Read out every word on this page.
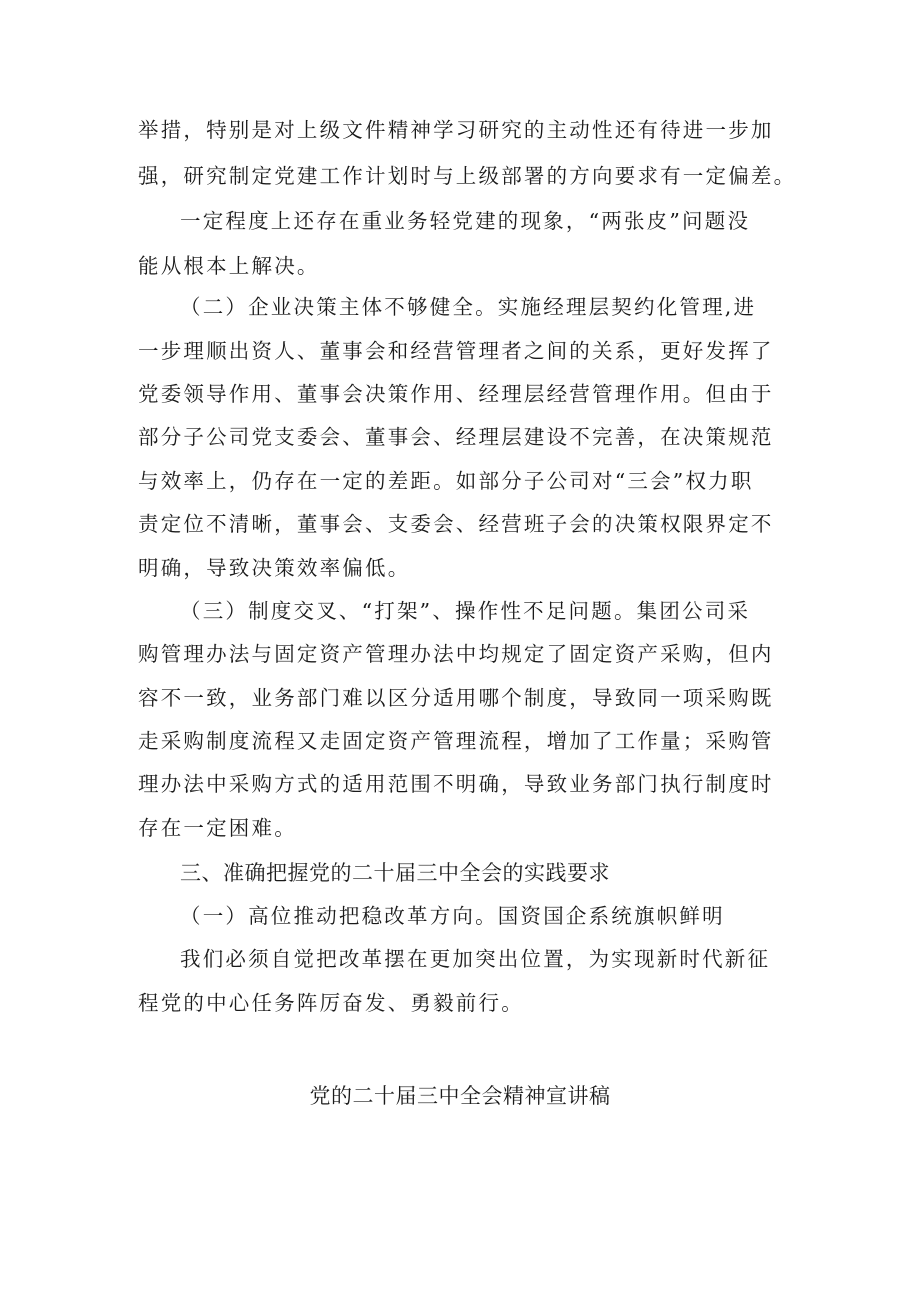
举措，特别是对上级文件精神学习研究的主动性还有待进一步加
强，研究制定党建工作计划时与上级部署的方向要求有一定偏差。
一定程度上还存在重业务轻党建的现象，“两张皮”问题没
能从根本上解决。
（二）企业决策主体不够健全。实施经理层契约化管理,进
一步理顺出资人、董事会和经营管理者之间的关系，更好发挥了
党委领导作用、董事会决策作用、经理层经营管理作用。但由于
部分子公司党支委会、董事会、经理层建设不完善，在决策规范
与效率上，仍存在一定的差距。如部分子公司对“三会”权力职
责定位不清晰，董事会、支委会、经营班子会的决策权限界定不
明确，导致决策效率偏低。
（三）制度交叉、“打架”、操作性不足问题。集团公司采
购管理办法与固定资产管理办法中均规定了固定资产采购，但内
容不一致，业务部门难以区分适用哪个制度，导致同一项采购既
走采购制度流程又走固定资产管理流程，增加了工作量；采购管
理办法中采购方式的适用范围不明确，导致业务部门执行制度时
存在一定困难。
三、准确把握党的二十届三中全会的实践要求
（一）高位推动把稳改革方向。国资国企系统旗帜鲜明
我们必须自觉把改革摆在更加突出位置，为实现新时代新征
程党的中心任务阵厉奋发、勇毅前行。
党的二十届三中全会精神宣讲稿
